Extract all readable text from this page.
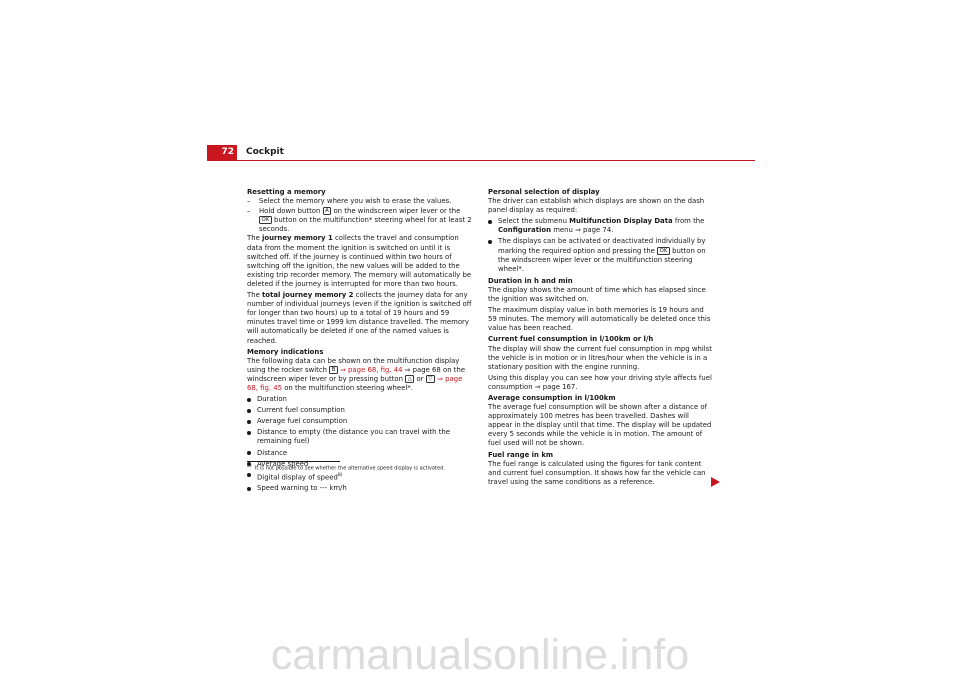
72	Cockpit
Resetting a memory
– Select the memory where you wish to erase the values.
– Hold down button A on the windscreen wiper lever or the OK button on the multifunction* steering wheel for at least 2 seconds.

The journey memory 1 collects the travel and consumption data from the moment the ignition is switched on until it is switched off. If the journey is continued within two hours of switching off the ignition, the new values will be added to the existing trip recorder memory. The memory will automatically be deleted if the journey is interrupted for more than two hours.

The total journey memory 2 collects the journey data for any number of individual journeys (even if the ignition is switched off for longer than two hours) up to a total of 19 hours and 59 minutes travel time or 1999 km distance travelled. The memory will automatically be deleted if one of the named values is reached.

Memory indications

The following data can be shown on the multifunction display using the rocker switch B ⇒ page 68, fig. 44 ⇒ page 68 on the windscreen wiper lever or by pressing button △ or ▽ ⇒ page 68, fig. 45 on the multifunction steering wheel*.

Duration
Current fuel consumption
Average fuel consumption
Distance to empty (the distance you can travel with the remaining fuel)
Distance
Average speed
Digital display of speed$^{8)}$
Speed warning to --- km/h
$^{8)}$ It is not possible to see whether the alternative speed display is activated.
Personal selection of display

The driver can establish which displays are shown on the dash panel display as required:

Select the submenu Multifunction Display Data from the Configuration menu ⇒ page 74.
The displays can be activated or deactivated individually by marking the required option and pressing the OK button on the windscreen wiper lever or the multifunction steering wheel*.
Duration in h and min

The display shows the amount of time which has elapsed since the ignition was switched on.

The maximum display value in both memories is 19 hours and 59 minutes. The memory will automatically be deleted once this value has been reached.

Current fuel consumption in l/100km or l/h

The display will show the current fuel consumption in mpg whilst the vehicle is in motion or in litres/hour when the vehicle is in a stationary position with the engine running.

Using this display you can see how your driving style affects fuel consumption ⇒ page 167.

Average consumption in l/100km

The average fuel consumption will be shown after a distance of approximately 100 metres has been travelled. Dashes will appear in the display until that time. The display will be updated every 5 seconds while the vehicle is in motion. The amount of fuel used will not be shown.

Fuel range in km

The fuel range is calculated using the figures for tank content and current fuel consumption. It shows how far the vehicle can travel using the same conditions as a reference.

carmanualsonline.info
